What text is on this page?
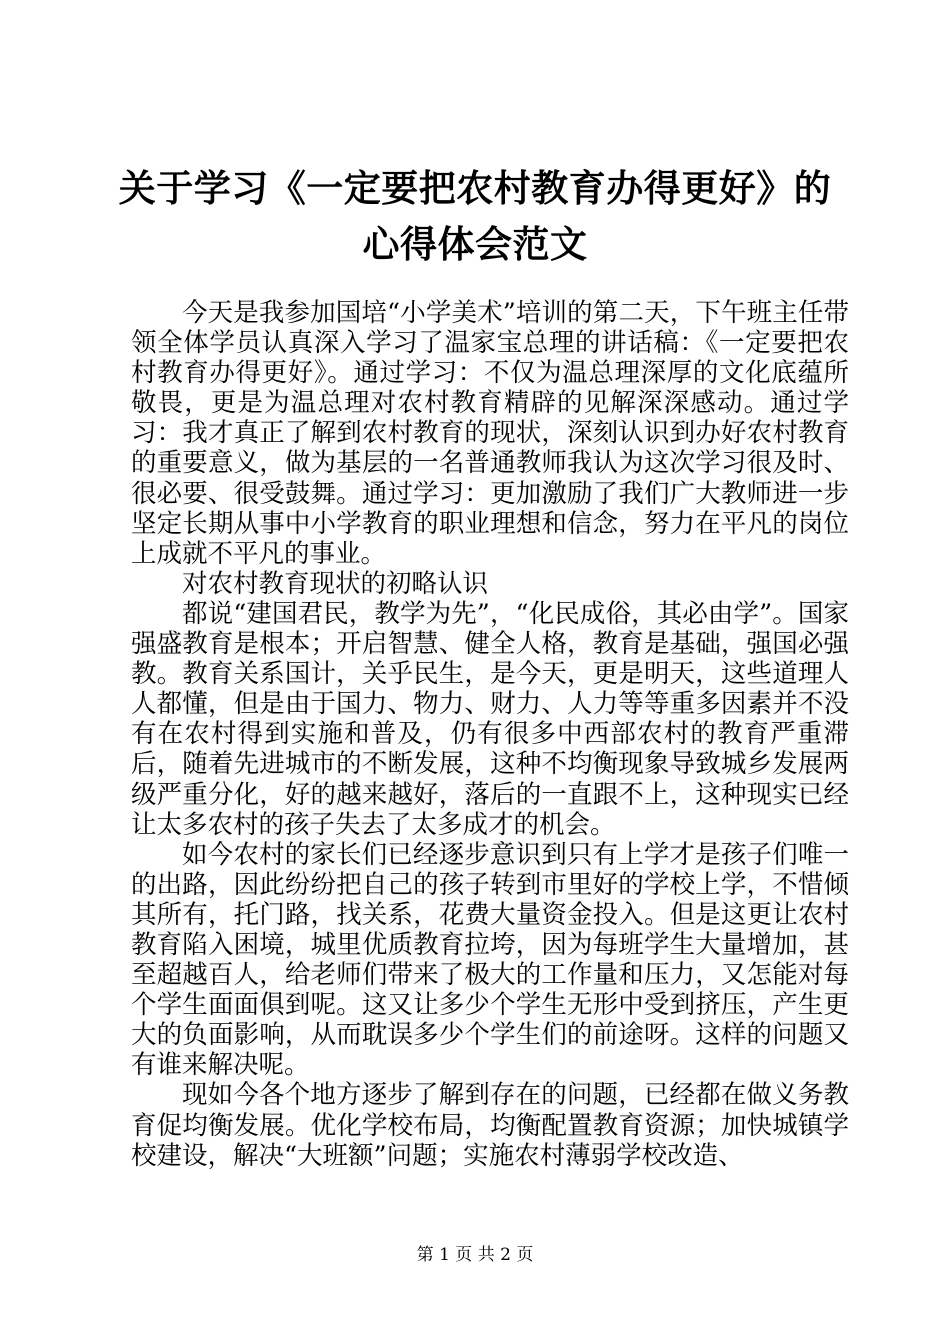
关于学习《一定要把农村教育办得更好》的心得体会范文

今天是我参加国培“小学美术”培训的第二天，下午班主任带领全体学员认真深入学习了温家宝总理的讲话稿：《一定要把农村教育办得更好》。通过学习：不仅为温总理深厚的文化底蕴所敬畏，更是为温总理对农村教育精辟的见解深深感动。通过学习：我才真正了解到农村教育的现状，深刻认识到办好农村教育的重要意义，做为基层的一名普通教师我认为这次学习很及时、很必要、很受鼓舞。通过学习：更加激励了我们广大教师进一步坚定长期从事中小学教育的职业理想和信念，努力在平凡的岗位上成就不平凡的事业。

对农村教育现状的初略认识

都说“建国君民，教学为先”，“化民成俗，其必由学”。国家强盛教育是根本；开启智慧、健全人格，教育是基础，强国必强教。教育关系国计，关乎民生，是今天，更是明天，这些道理人人都懂，但是由于国力、物力、财力、人力等等重多因素并不没有在农村得到实施和普及，仍有很多中西部农村的教育严重滞后，随着先进城市的不断发展，这种不均衡现象导致城乡发展两级严重分化，好的越来越好，落后的一直跟不上，这种现实已经让太多农村的孩子失去了太多成才的机会。

如今农村的家长们已经逐步意识到只有上学才是孩子们唯一的出路，因此纷纷把自己的孩子转到市里好的学校上学，不惜倾其所有，托门路，找关系，花费大量资金投入。但是这更让农村教育陷入困境，城里优质教育拉垮，因为每班学生大量增加，甚至超越百人，给老师们带来了极大的工作量和压力，又怎能对每个学生面面俱到呢。这又让多少个学生无形中受到挤压，产生更大的负面影响，从而耽误多少个学生们的前途呀。这样的问题又有谁来解决呢。

现如今各个地方逐步了解到存在的问题，已经都在做义务教育促均衡发展。优化学校布局，均衡配置教育资源；加快城镇学校建设，解决“大班额”问题；实施农村薄弱学校改造、

第 1 页 共 2 页
